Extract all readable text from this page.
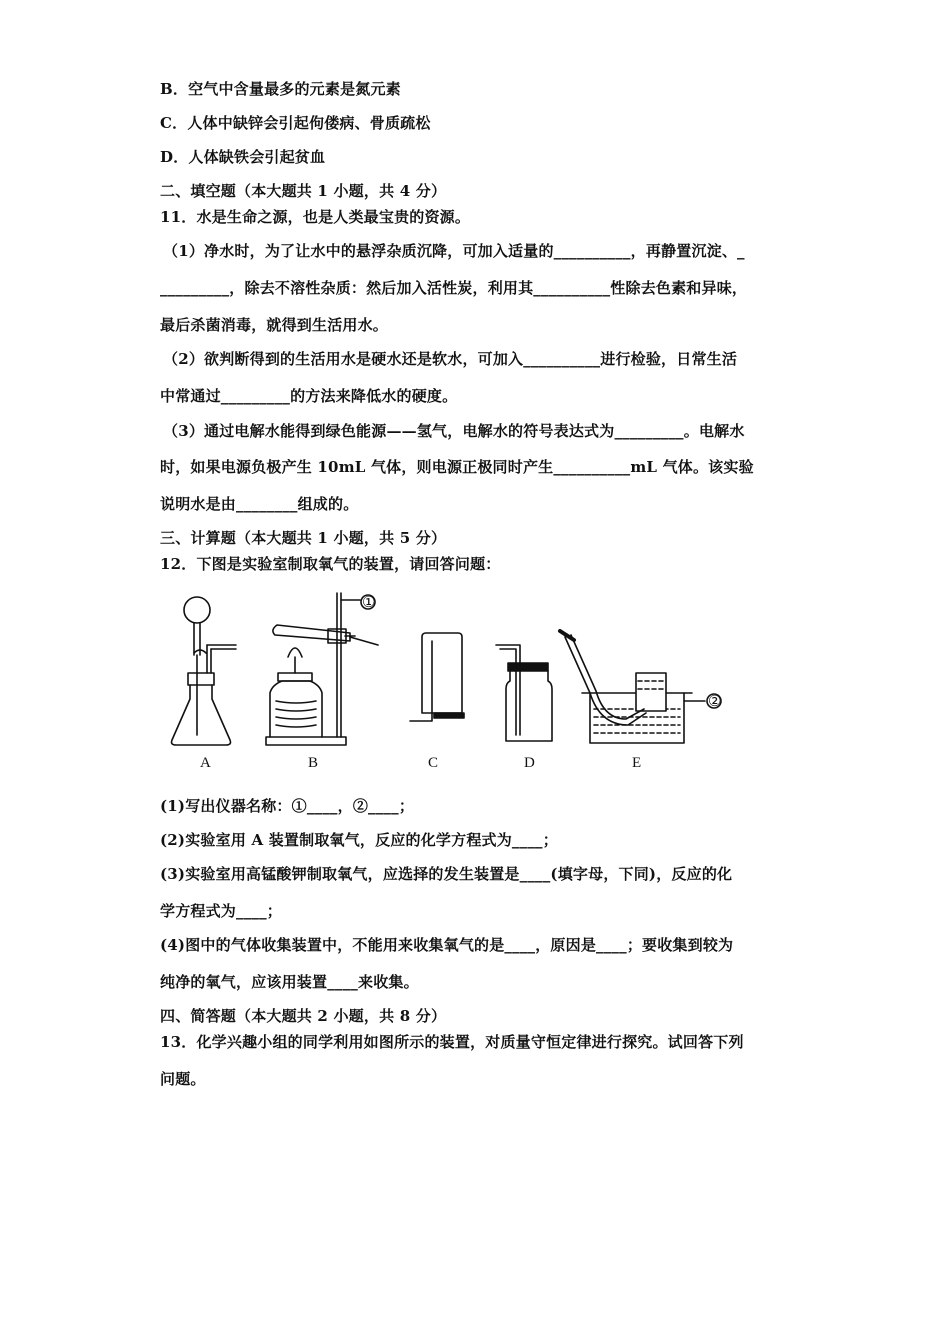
B．空气中含量最多的元素是氮元素
C．人体中缺锌会引起佝偻病、骨质疏松
D．人体缺铁会引起贫血
二、填空题（本大题共 1 小题，共 4 分）
11．水是生命之源，也是人类最宝贵的资源。
（1）净水时，为了让水中的悬浮杂质沉降，可加入适量的__________，再静置沉淀、_
_________，除去不溶性杂质：然后加入活性炭，利用其__________性除去色素和异味，
最后杀菌消毒，就得到生活用水。
（2）欲判断得到的生活用水是硬水还是软水，可加入__________进行检验，日常生活
中常通过_________的方法来降低水的硬度。
（3）通过电解水能得到绿色能源——氢气，电解水的符号表达式为_________。电解水
时，如果电源负极产生 10mL 气体，则电源正极同时产生__________mL 气体。该实验
说明水是由________组成的。
三、计算题（本大题共 1 小题，共 5 分）
12．下图是实验室制取氧气的装置，请回答问题：
①
②
A	B	C	D	E
(1)写出仪器名称：①____，②____；
(2)实验室用 A 装置制取氧气，反应的化学方程式为____；
(3)实验室用高锰酸钾制取氧气，应选择的发生装置是____(填字母，下同)，反应的化
学方程式为____；
(4)图中的气体收集装置中，不能用来收集氧气的是____，原因是____；要收集到较为
纯净的氧气，应该用装置____来收集。
四、简答题（本大题共 2 小题，共 8 分）
13．化学兴趣小组的同学利用如图所示的装置，对质量守恒定律进行探究。试回答下列
问题。
